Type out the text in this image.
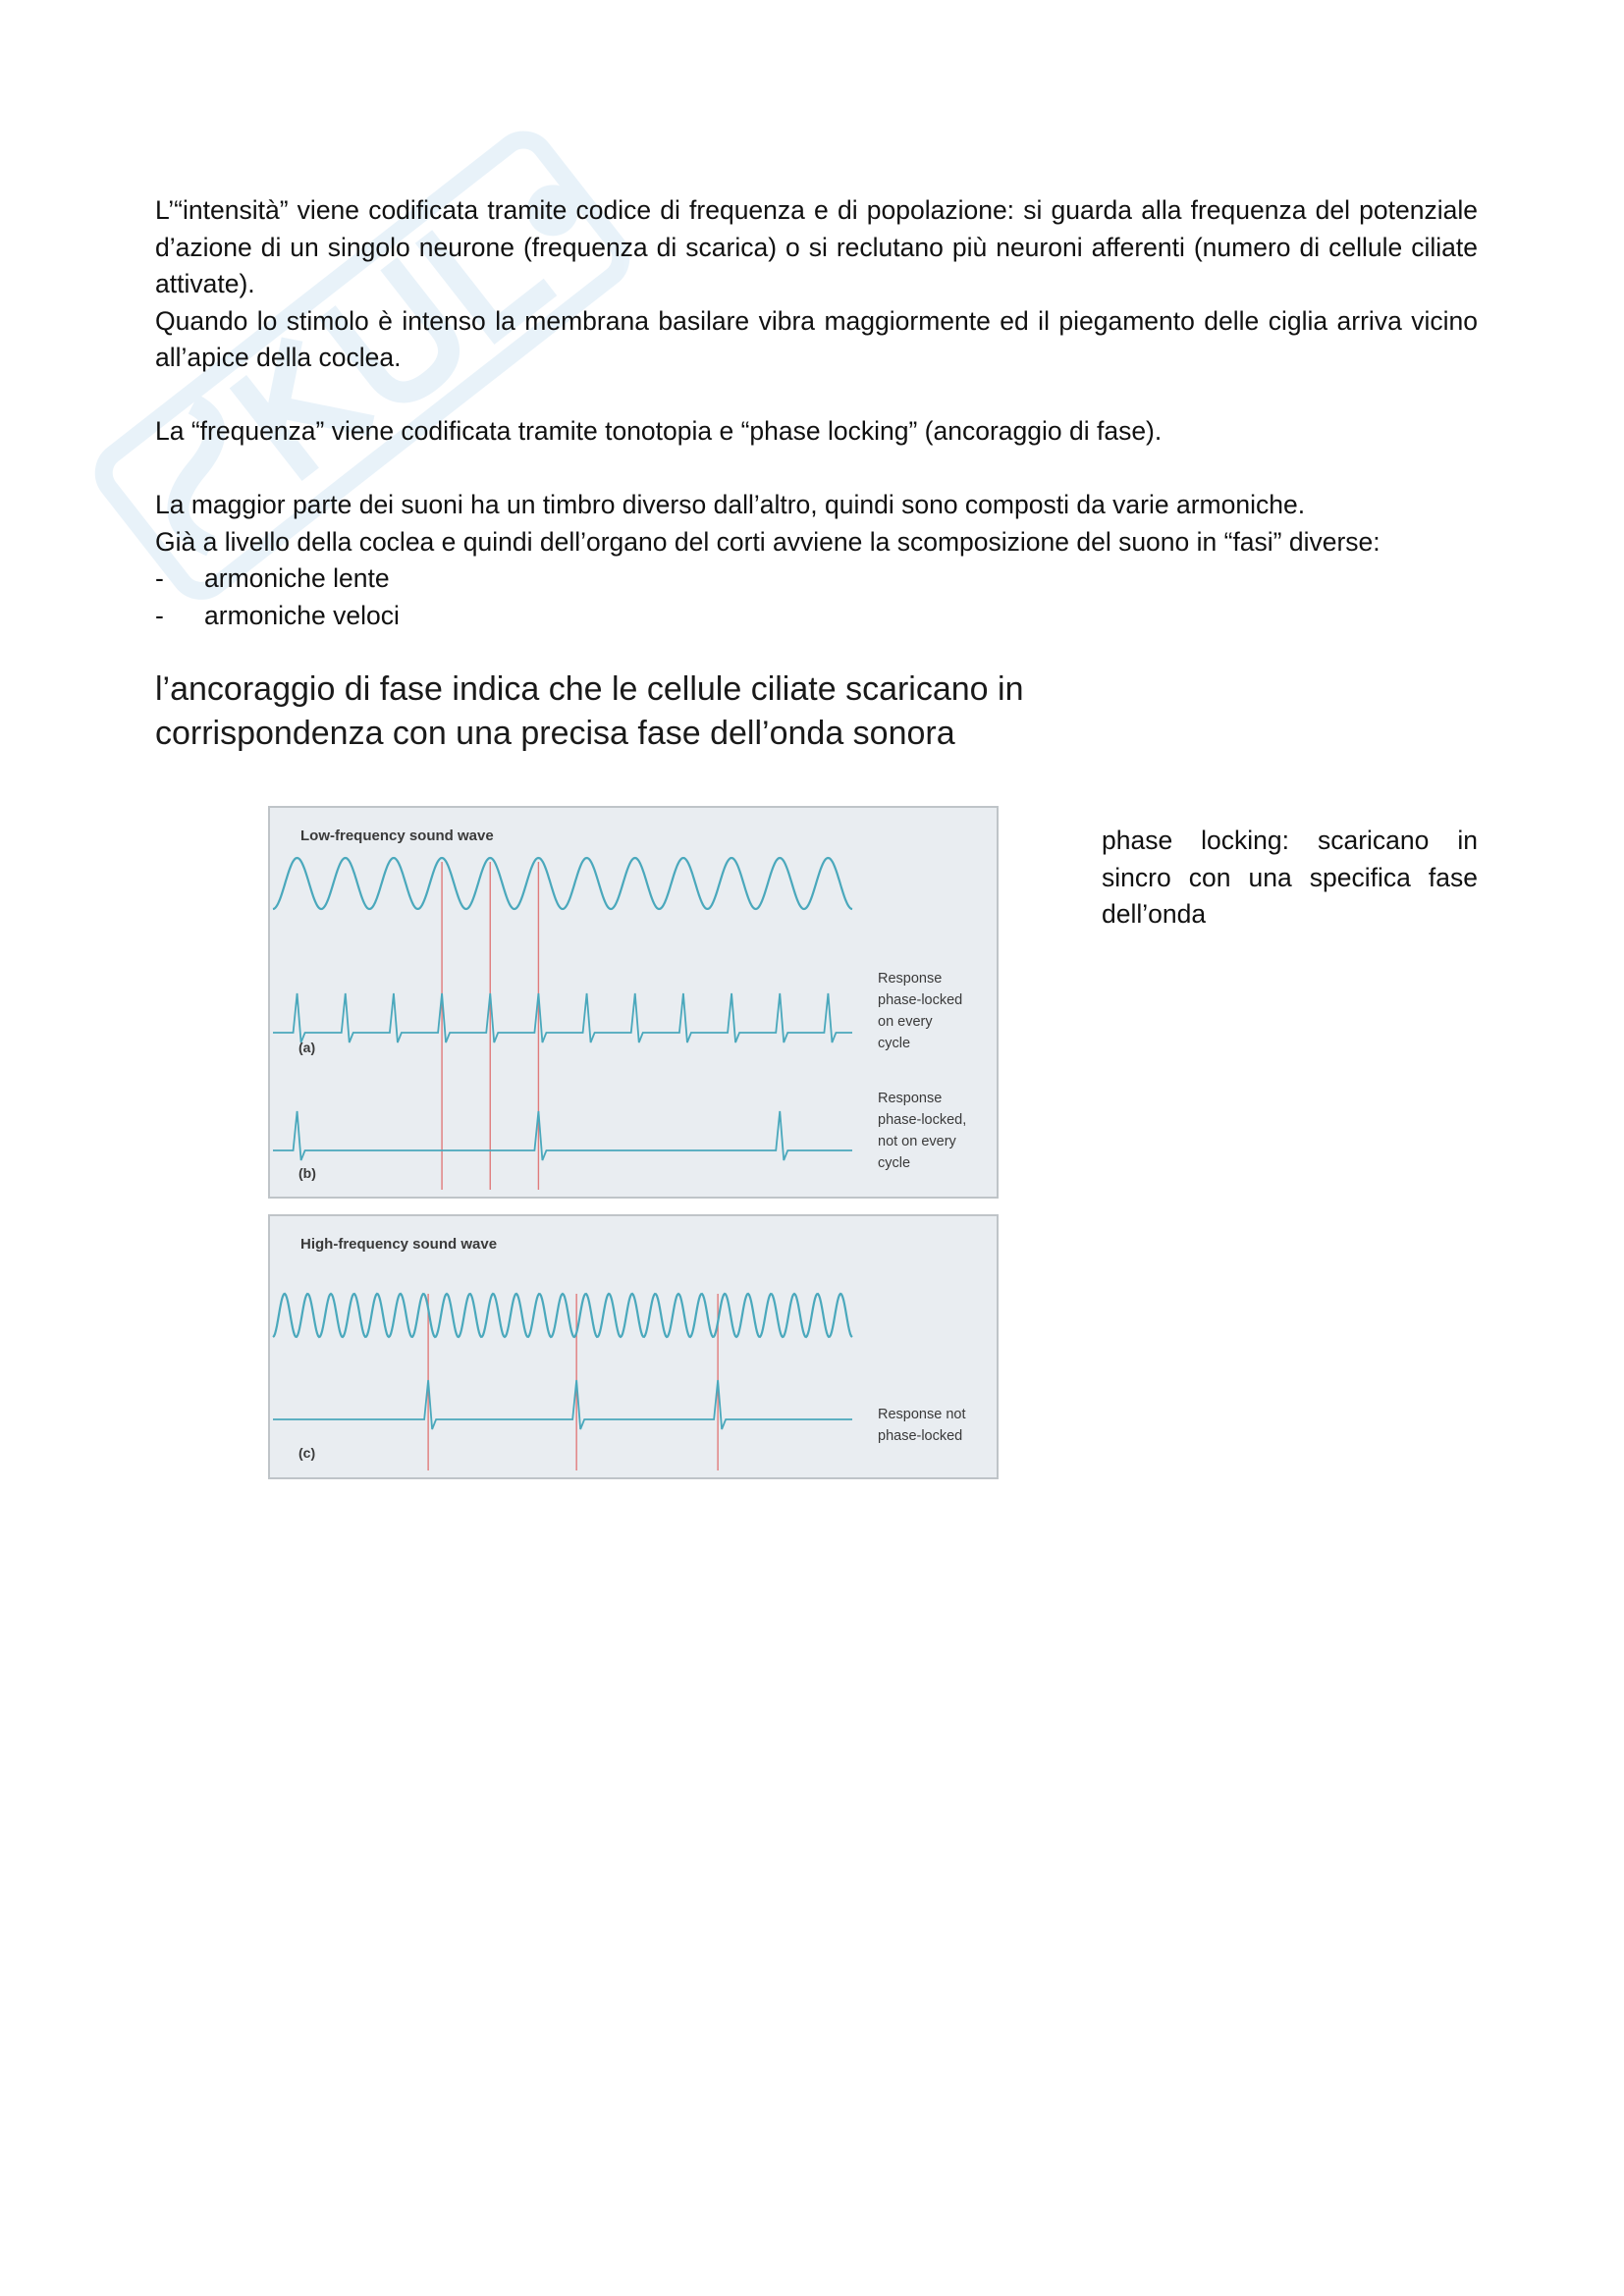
L’“intensità” viene codificata tramite codice di frequenza e di popolazione: si guarda alla frequenza del potenziale d’azione di un singolo neurone (frequenza di scarica) o si reclutano più neuroni afferenti (numero di cellule ciliate attivate).

Quando lo stimolo è intenso la membrana basilare vibra maggiormente ed il piegamento delle ciglia arriva vicino all’apice della coclea.

La “frequenza” viene codificata tramite tonotopia e “phase locking” (ancoraggio di fase).

La maggior parte dei suoni ha un timbro diverso dall’altro, quindi sono composti da varie armoniche.

Già a livello della coclea e quindi dell’organo del corti avviene la scomposizione del suono in “fasi” diverse:

-	armoniche lente
-	armoniche veloci
l’ancoraggio di fase indica che le cellule ciliate scaricano in
corrispondenza con una precisa fase dell’onda sonora
Low-frequency sound wave
High-frequency sound wave
(a)
(b)
(c)
Response phase-locked on every cycle
Response phase-locked, not on every cycle
Response not phase-locked
phase locking: scaricano in sincro con una specifica fase dell’onda
